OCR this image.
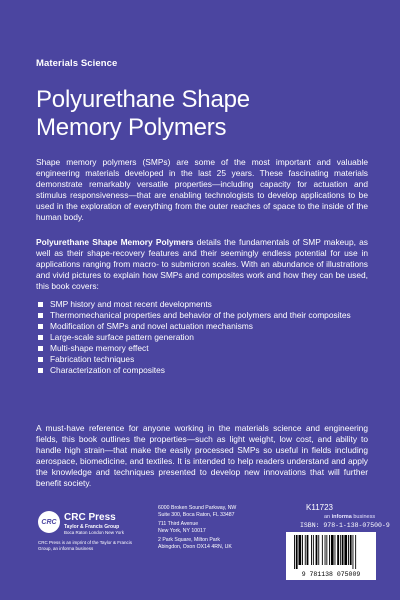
Materials Science
Polyurethane Shape
Memory Polymers

Shape memory polymers (SMPs) are some of the most important and valuable engineering materials developed in the last 25 years. These fascinating materials demonstrate remarkably versatile properties—including capacity for actuation and stimulus responsiveness—that are enabling technologists to develop applications to be used in the exploration of everything from the outer reaches of space to the inside of the human body.

Polyurethane Shape Memory Polymers details the fundamentals of SMP makeup, as well as their shape-recovery features and their seemingly endless potential for use in applications ranging from macro- to submicron scales. With an abundance of illustrations and vivid pictures to explain how SMPs and composites work and how they can be used, this book covers:

SMP history and most recent developments
Thermomechanical properties and behavior of the polymers and their composites
Modification of SMPs and novel actuation mechanisms
Large-scale surface pattern generation
Multi-shape memory effect
Fabrication techniques
Characterization of composites

A must-have reference for anyone working in the materials science and engineering fields, this book outlines the properties—such as light weight, low cost, and ability to handle high strain—that make the easily processed SMPs so useful in fields including aerospace, biomedicine, and textiles. It is intended to help readers understand and apply the knowledge and techniques presented to develop new innovations that will further benefit society.

CRC CRC Press
Taylor & Francis Group
Boca Raton London New York
CRC Press is an imprint of the Taylor & Francis Group, an informa business

6000 Broken Sound Parkway, NW
Suite 300, Boca Raton, FL 33487

711 Third Avenue
New York, NY 10017

2 Park Square, Milton Park
Abingdon, Oxon OX14 4RN, UK

K11723
an informa business
ISBN: 978-1-138-07500-9
9 781138 075009
